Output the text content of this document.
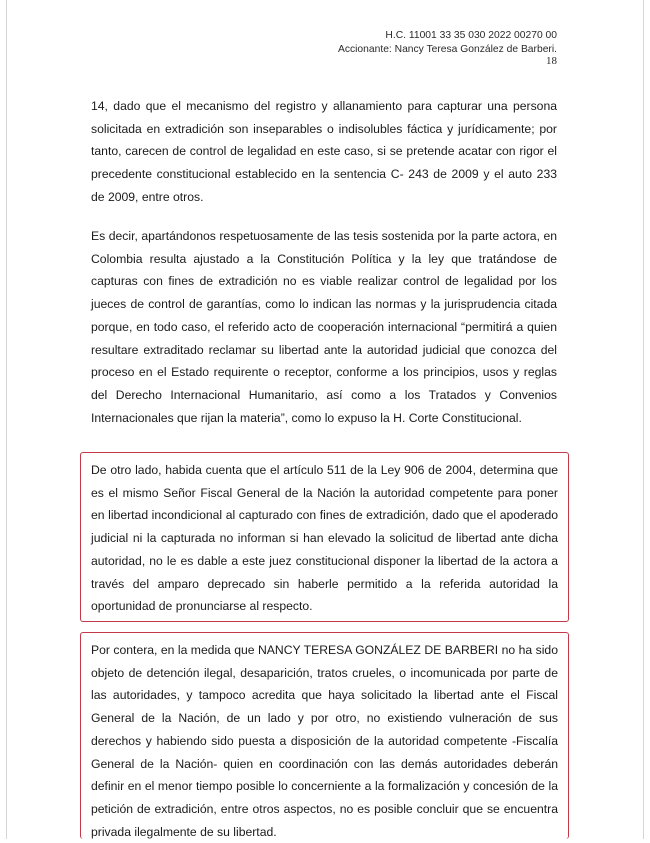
H.C. 11001 33 35 030 2022 00270 00
Accionante: Nancy Teresa González de Barberi.
18

14, dado que el mecanismo del registro y allanamiento para capturar una persona solicitada en extradición son inseparables o indisolubles fáctica y jurídicamente; por tanto, carecen de control de legalidad en este caso, si se pretende acatar con rigor el precedente constitucional establecido en la sentencia C- 243 de 2009 y el auto 233 de 2009, entre otros.

Es decir, apartándonos respetuosamente de las tesis sostenida por la parte actora, en Colombia resulta ajustado a la Constitución Política y la ley que tratándose de capturas con fines de extradición no es viable realizar control de legalidad por los jueces de control de garantías, como lo indican las normas y la jurisprudencia citada porque, en todo caso, el referido acto de cooperación internacional “permitirá a quien resultare extraditado reclamar su libertad ante la autoridad judicial que conozca del proceso en el Estado requirente o receptor, conforme a los principios, usos y reglas del Derecho Internacional Humanitario, así como a los Tratados y Convenios Internacionales que rijan la materia”, como lo expuso la H. Corte Constitucional.

De otro lado, habida cuenta que el artículo 511 de la Ley 906 de 2004, determina que es el mismo Señor Fiscal General de la Nación la autoridad competente para poner en libertad incondicional al capturado con fines de extradición, dado que el apoderado judicial ni la capturada no informan si han elevado la solicitud de libertad ante dicha autoridad, no le es dable a este juez constitucional disponer la libertad de la actora a través del amparo deprecado sin haberle permitido a la referida autoridad la oportunidad de pronunciarse al respecto.

Por contera, en la medida que NANCY TERESA GONZÁLEZ DE BARBERI no ha sido objeto de detención ilegal, desaparición, tratos crueles, o incomunicada por parte de las autoridades, y tampoco acredita que haya solicitado la libertad ante el Fiscal General de la Nación, de un lado y por otro, no existiendo vulneración de sus derechos y habiendo sido puesta a disposición de la autoridad competente -Fiscalía General de la Nación- quien en coordinación con las demás autoridades deberán definir en el menor tiempo posible lo concerniente a la formalización y concesión de la petición de extradición, entre otros aspectos, no es posible concluir que se encuentra privada ilegalmente de su libertad.
